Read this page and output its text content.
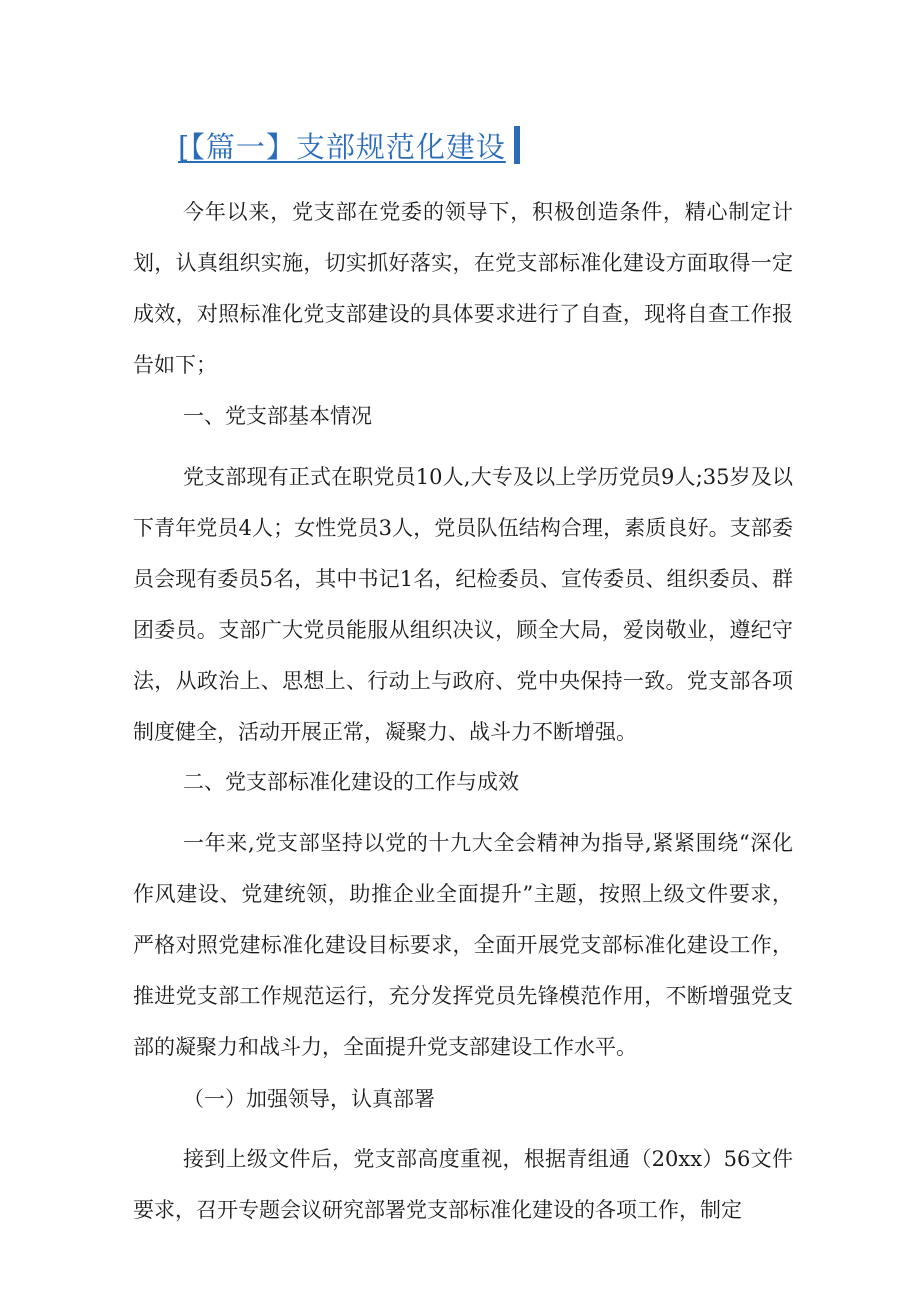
[【篇一】支部规范化建设

今年以来，党支部在党委的领导下，积极创造条件，精心制定计划，认真组织实施，切实抓好落实，在党支部标准化建设方面取得一定成效，对照标准化党支部建设的具体要求进行了自查，现将自查工作报告如下；

一、党支部基本情况

党支部现有正式在职党员10人,大专及以上学历党员9人;35岁及以下青年党员4人；女性党员3人，党员队伍结构合理，素质良好。支部委员会现有委员5名，其中书记1名，纪检委员、宣传委员、组织委员、群团委员。支部广大党员能服从组织决议，顾全大局，爱岗敬业，遵纪守法，从政治上、思想上、行动上与政府、党中央保持一致。党支部各项制度健全，活动开展正常，凝聚力、战斗力不断增强。

二、党支部标准化建设的工作与成效

一年来,党支部坚持以党的十九大全会精神为指导,紧紧围绕“深化作风建设、党建统领，助推企业全面提升”主题，按照上级文件要求，严格对照党建标准化建设目标要求，全面开展党支部标准化建设工作，推进党支部工作规范运行，充分发挥党员先锋模范作用，不断增强党支部的凝聚力和战斗力，全面提升党支部建设工作水平。

（一）加强领导，认真部署

接到上级文件后，党支部高度重视，根据青组通（20xx）56文件要求，召开专题会议研究部署党支部标准化建设的各项工作，制定
